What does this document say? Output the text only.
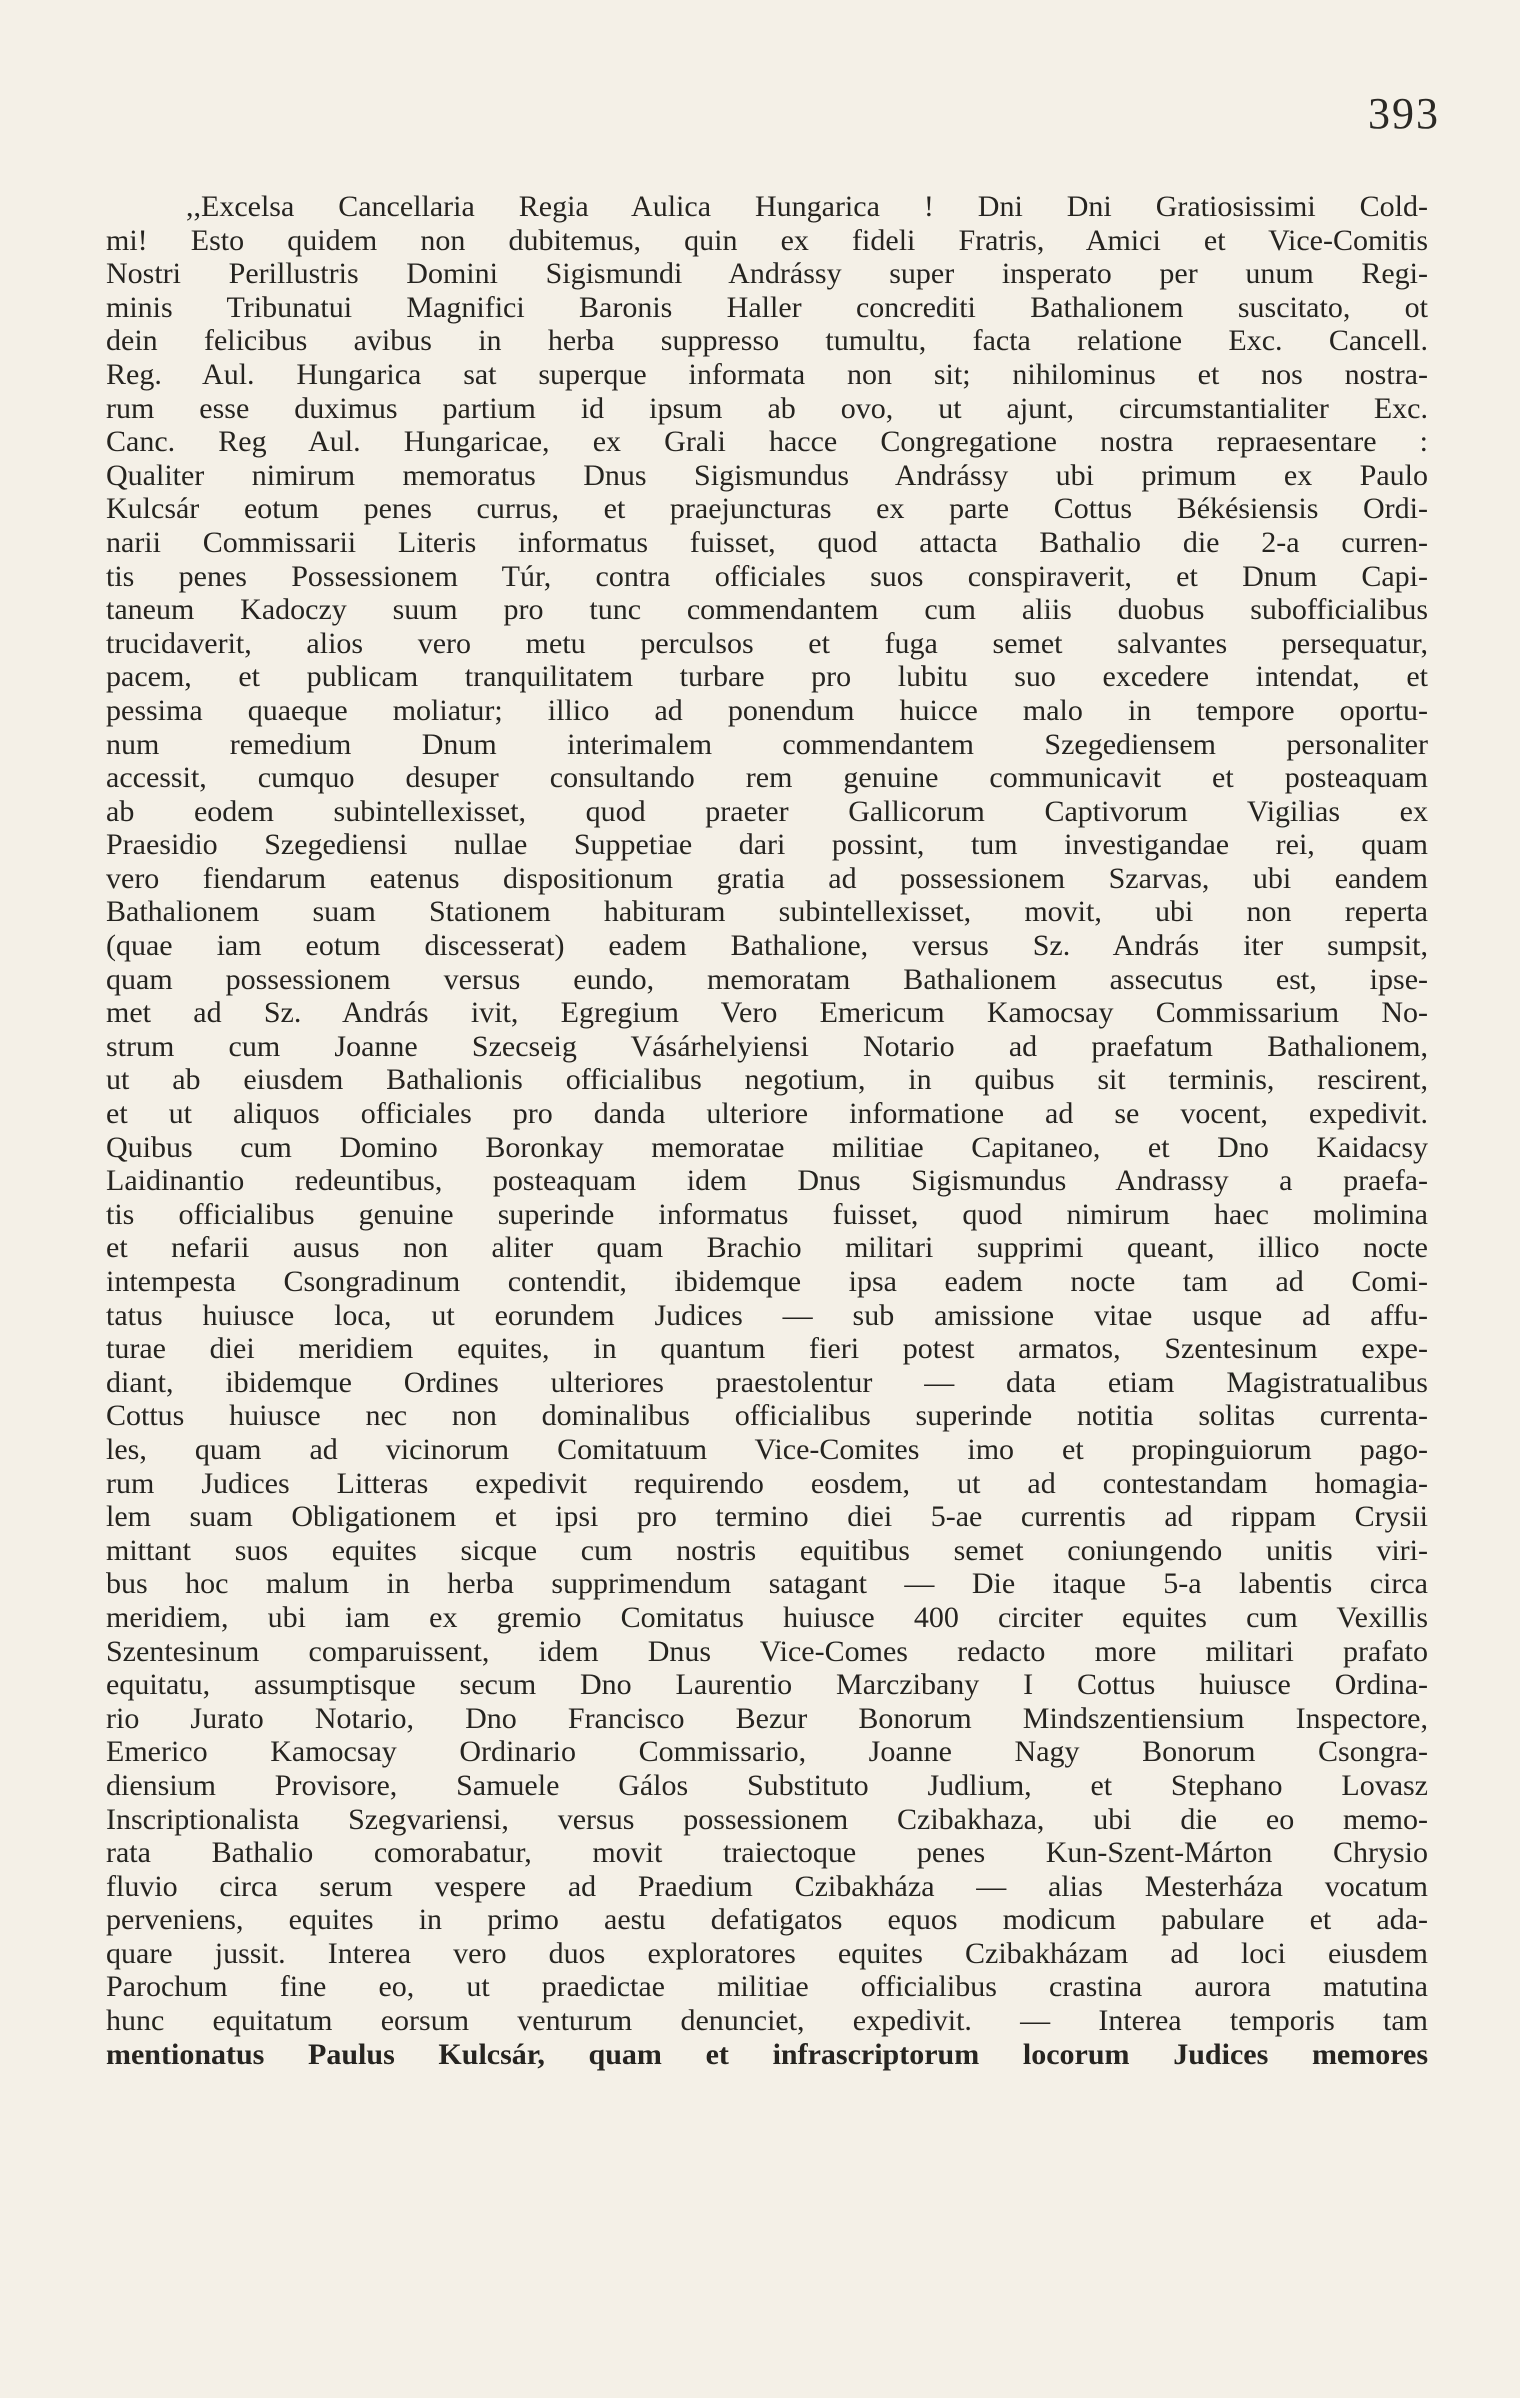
393
,,Excelsa Cancellaria Regia Aulica Hungarica ! Dni Dni Gratiosissimi Cold-
mi! Esto quidem non dubitemus, quin ex fideli Fratris, Amici et Vice-Comitis
Nostri Perillustris Domini Sigismundi Andrássy super insperato per unum Regi-
minis Tribunatui Magnifici Baronis Haller concrediti Bathalionem suscitato, ot
dein felicibus avibus in herba suppresso tumultu, facta relatione Exc. Cancell.
Reg. Aul. Hungarica sat superque informata non sit; nihilominus et nos nostra-
rum esse duximus partium id ipsum ab ovo, ut ajunt, circumstantialiter Exc.
Canc. Reg Aul. Hungaricae, ex Grali hacce Congregatione nostra repraesentare :
Qualiter nimirum memoratus Dnus Sigismundus Andrássy ubi primum ex Paulo
Kulcsár eotum penes currus, et praejuncturas ex parte Cottus Békésiensis Ordi-
narii Commissarii Literis informatus fuisset, quod attacta Bathalio die 2-a curren-
tis penes Possessionem Túr, contra officiales suos conspiraverit, et Dnum Capi-
taneum Kadoczy suum pro tunc commendantem cum aliis duobus subofficialibus
trucidaverit, alios vero metu perculsos et fuga semet salvantes persequatur,
pacem, et publicam tranquilitatem turbare pro lubitu suo excedere intendat, et
pessima quaeque moliatur; illico ad ponendum huicce malo in tempore oportu-
num remedium Dnum interimalem commendantem Szegediensem personaliter
accessit, cumquo desuper consultando rem genuine communicavit et posteaquam
ab eodem subintellexisset, quod praeter Gallicorum Captivorum Vigilias ex
Praesidio Szegediensi nullae Suppetiae dari possint, tum investigandae rei, quam
vero fiendarum eatenus dispositionum gratia ad possessionem Szarvas, ubi eandem
Bathalionem suam Stationem habituram subintellexisset, movit, ubi non reperta
(quae iam eotum discesserat) eadem Bathalione, versus Sz. András iter sumpsit,
quam possessionem versus eundo, memoratam Bathalionem assecutus est, ipse-
met ad Sz. András ivit, Egregium Vero Emericum Kamocsay Commissarium No-
strum cum Joanne Szecseig Vásárhelyiensi Notario ad praefatum Bathalionem,
ut ab eiusdem Bathalionis officialibus negotium, in quibus sit terminis, rescirent,
et ut aliquos officiales pro danda ulteriore informatione ad se vocent, expedivit.
Quibus cum Domino Boronkay memoratae militiae Capitaneo, et Dno Kaidacsy
Laidinantio redeuntibus, posteaquam idem Dnus Sigismundus Andrassy a praefa-
tis officialibus genuine superinde informatus fuisset, quod nimirum haec molimina
et nefarii ausus non aliter quam Brachio militari supprimi queant, illico nocte
intempesta Csongradinum contendit, ibidemque ipsa eadem nocte tam ad Comi-
tatus huiusce loca, ut eorundem Judices — sub amissione vitae usque ad affu-
turae diei meridiem equites, in quantum fieri potest armatos, Szentesinum expe-
diant, ibidemque Ordines ulteriores praestolentur — data etiam Magistratualibus
Cottus huiusce nec non dominalibus officialibus superinde notitia solitas currenta-
les, quam ad vicinorum Comitatuum Vice-Comites imo et propinguiorum pago-
rum Judices Litteras expedivit requirendo eosdem, ut ad contestandam homagia-
lem suam Obligationem et ipsi pro termino diei 5-ae currentis ad rippam Crysii
mittant suos equites sicque cum nostris equitibus semet coniungendo unitis viri-
bus hoc malum in herba supprimendum satagant — Die itaque 5-a labentis circa
meridiem, ubi iam ex gremio Comitatus huiusce 400 circiter equites cum Vexillis
Szentesinum comparuissent, idem Dnus Vice-Comes redacto more militari prafato
equitatu, assumptisque secum Dno Laurentio Marczibany I Cottus huiusce Ordina-
rio Jurato Notario, Dno Francisco Bezur Bonorum Mindszentiensium Inspectore,
Emerico Kamocsay Ordinario Commissario, Joanne Nagy Bonorum Csongra-
diensium Provisore, Samuele Gálos Substituto Judlium, et Stephano Lovasz
Inscriptionalista Szegvariensi, versus possessionem Czibakhaza, ubi die eo memo-
rata Bathalio comorabatur, movit traiectoque penes Kun-Szent-Márton Chrysio
fluvio circa serum vespere ad Praedium Czibakháza — alias Mesterháza vocatum
perveniens, equites in primo aestu defatigatos equos modicum pabulare et ada-
quare jussit. Interea vero duos exploratores equites Czibakházam ad loci eiusdem
Parochum fine eo, ut praedictae militiae officialibus crastina aurora matutina
hunc equitatum eorsum venturum denunciet, expedivit. — Interea temporis tam
mentionatus Paulus Kulcsár, quam et infrascriptorum locorum Judices memores
